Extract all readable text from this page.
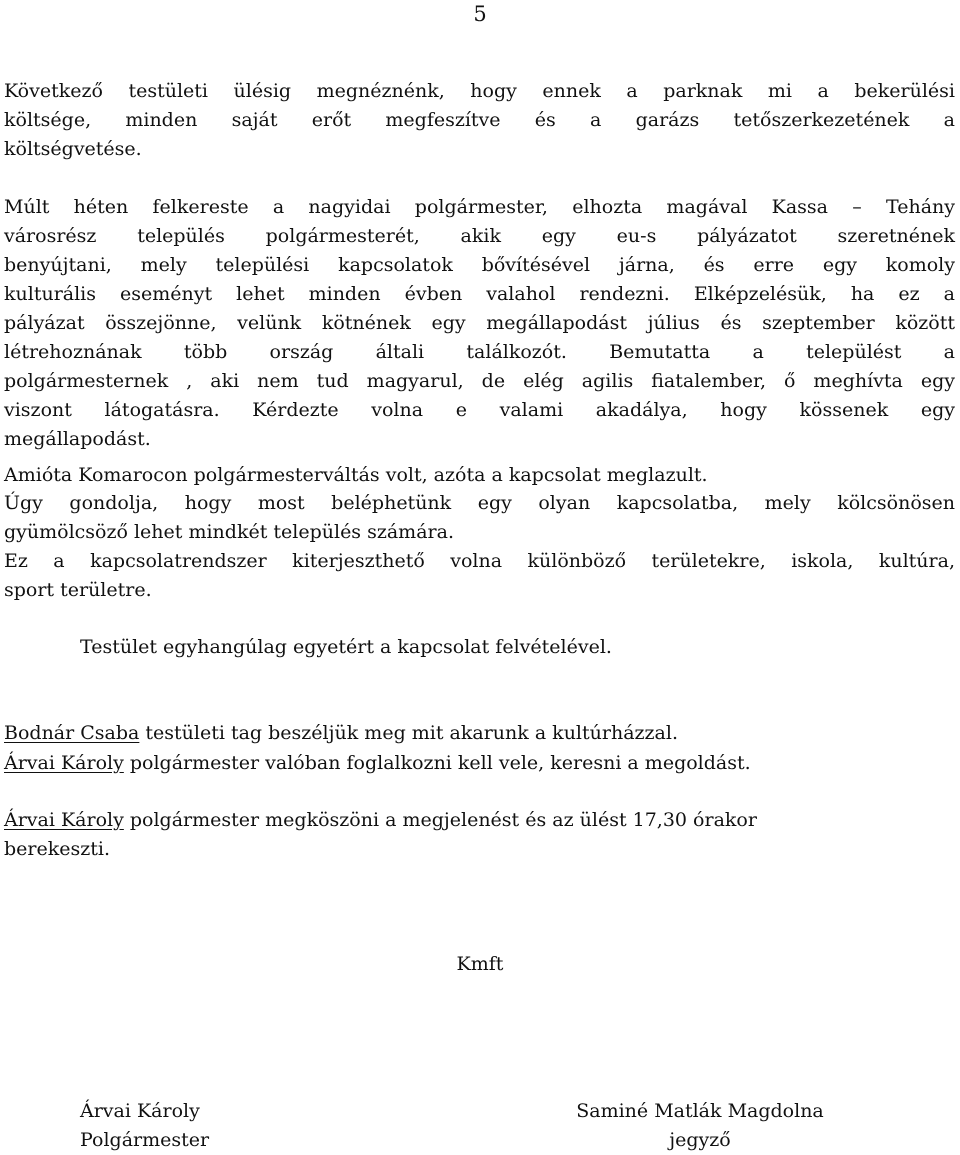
5
Következő testületi ülésig megnéznénk, hogy ennek a parknak mi a bekerülési
költsége, minden saját erőt megfeszítve és a garázs tetőszerkezetének a
költségvetése.
Múlt héten felkereste a nagyidai polgármester, elhozta magával Kassa – Tehány
városrész település polgármesterét, akik egy eu-s pályázatot szeretnének
benyújtani, mely települési kapcsolatok bővítésével járna, és erre egy komoly
kulturális eseményt lehet minden évben valahol rendezni. Elképzelésük, ha ez a
pályázat összejönne, velünk kötnének egy megállapodást július és szeptember között
létrehoznának több ország általi találkozót. Bemutatta a települést a
polgármesternek , aki nem tud magyarul, de elég agilis fiatalember, ő meghívta egy
viszont látogatásra. Kérdezte volna e valami akadálya, hogy kössenek egy
megállapodást.
Amióta Komarocon polgármesterváltás volt, azóta a kapcsolat meglazult.
Úgy gondolja, hogy most beléphetünk egy olyan kapcsolatba, mely kölcsönösen
gyümölcsöző lehet mindkét település számára.
Ez a kapcsolatrendszer kiterjeszthető volna különböző területekre, iskola, kultúra,
sport területre.

Testület egyhangúlag egyetért a kapcsolat felvételével.

Bodnár Csaba testületi tag beszéljük meg mit akarunk a kultúrházzal.

Árvai Károly polgármester valóban foglalkozni kell vele, keresni a megoldást.

Árvai Károly polgármester megköszöni a megjelenést és az ülést 17,30 órakor
berekeszti.

Kmft

Árvai Károly
Polgármester
Saminé Matlák Magdolna
jegyző
